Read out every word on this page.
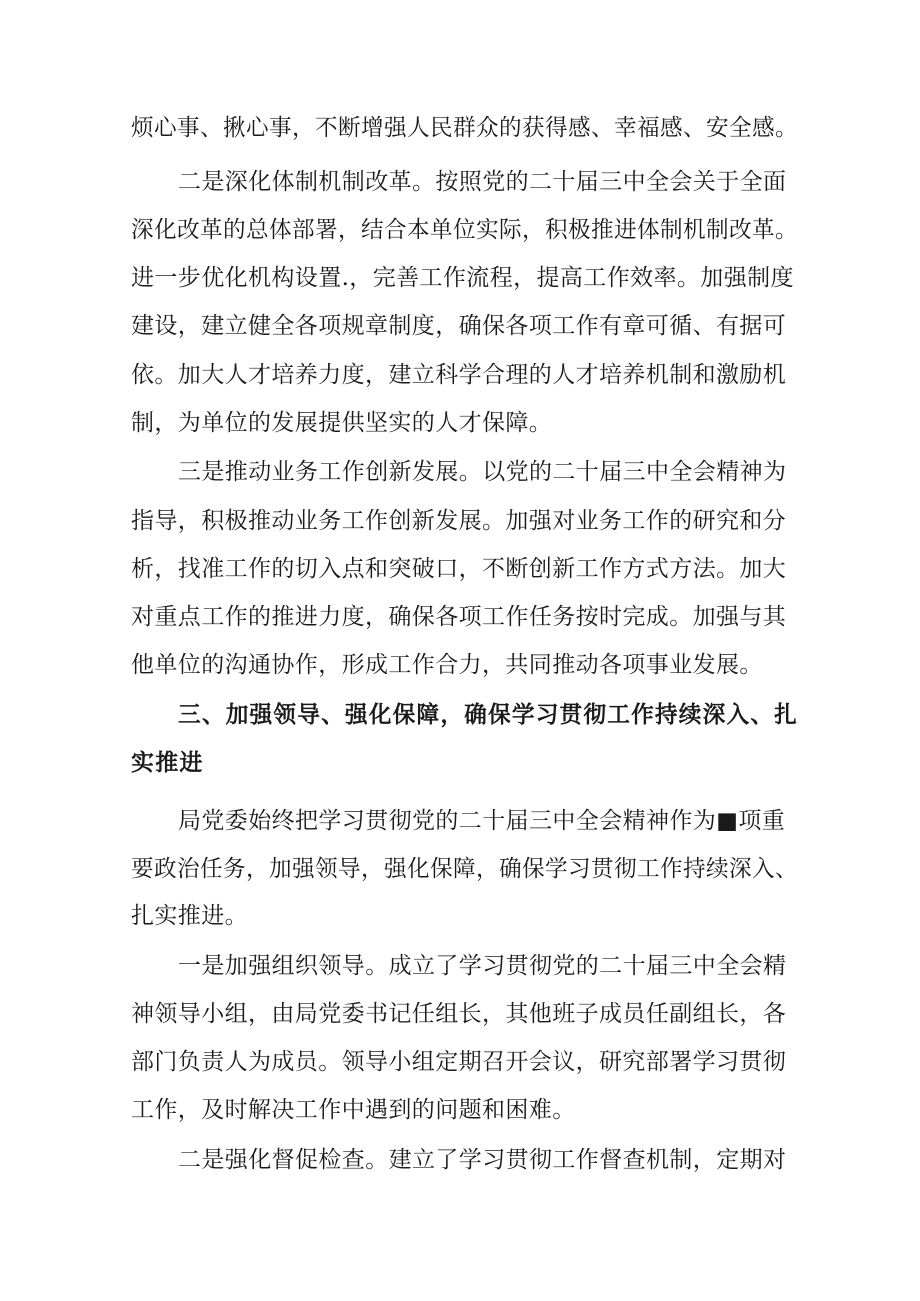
烦心事、揪心事，不断增强人民群众的获得感、幸福感、安全感。
二是深化体制机制改革。按照党的二十届三中全会关于全面
深化改革的总体部署，结合本单位实际，积极推进体制机制改革。
进一步优化机构设置.，完善工作流程，提高工作效率。加强制度
建设，建立健全各项规章制度，确保各项工作有章可循、有据可
依。加大人才培养力度，建立科学合理的人才培养机制和激励机
制，为单位的发展提供坚实的人才保障。
三是推动业务工作创新发展。以党的二十届三中全会精神为
指导，积极推动业务工作创新发展。加强对业务工作的研究和分
析，找准工作的切入点和突破口，不断创新工作方式方法。加大
对重点工作的推进力度，确保各项工作任务按时完成。加强与其
他单位的沟通协作，形成工作合力，共同推动各项事业发展。
三、加强领导、强化保障，确保学习贯彻工作持续深入、扎
实推进
局党委始终把学习贯彻党的二十届三中全会精神作为■项重
要政治任务，加强领导，强化保障，确保学习贯彻工作持续深入、
扎实推进。
一是加强组织领导。成立了学习贯彻党的二十届三中全会精
神领导小组，由局党委书记任组长，其他班子成员任副组长，各
部门负责人为成员。领导小组定期召开会议，研究部署学习贯彻
工作，及时解决工作中遇到的问题和困难。
二是强化督促检查。建立了学习贯彻工作督查机制，定期对
